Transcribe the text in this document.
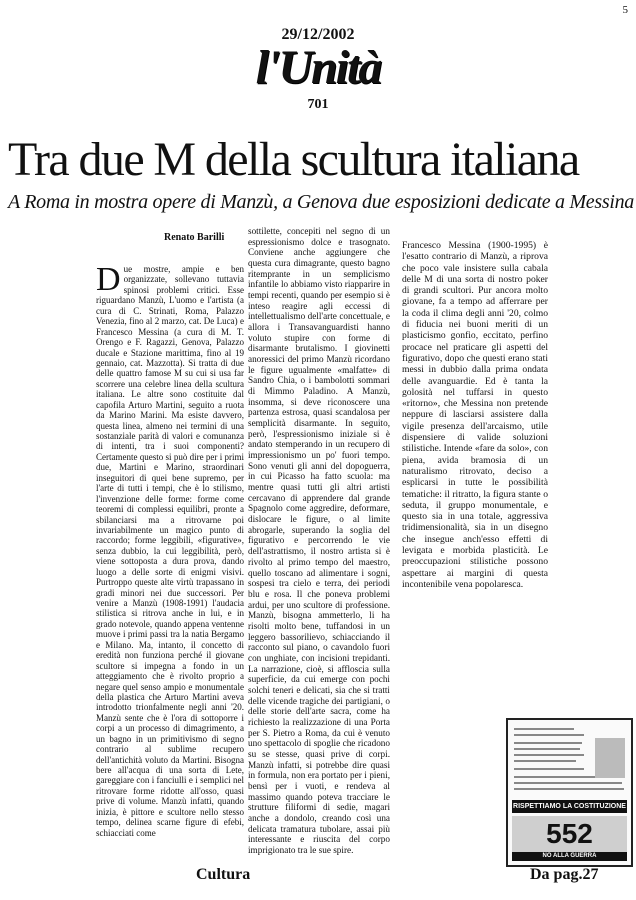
5
29/12/2002
l'Unità
701
Tra due M della scultura italiana
A Roma in mostra opere di Manzù, a Genova due esposizioni dedicate a Messina
Renato Barilli
D ue mostre, ampie e ben organizzate, sollevano tuttavia spinosi problemi critici. Esse riguardano Manzù, L'uomo e l'artista (a cura di C. Strinati, Roma, Palazzo Venezia, fino al 2 marzo, cat. De Luca) e Francesco Messina (a cura di M. T. Orengo e F. Ragazzi, Genova, Palazzo ducale e Stazione marittima, fino al 19 gennaio, cat. Mazzotta). Si tratta di due delle quattro famose M su cui si usa far scorrere una celebre linea della scultura italiana. Le altre sono costituite dal capofila Arturo Martini, seguito a ruota da Marino Marini. Ma esiste davvero, questa linea, almeno nei termini di una sostanziale parità di valori e comunanza di intenti, tra i suoi componenti? Certamente questo si può dire per i primi due, Martini e Marino, straordinari inseguitori di quei bene supremo, per l'arte di tutti i tempi, che è lo stilismo, l'invenzione delle forme: forme come teoremi di complessi equilibri, pronte a sbilanciarsi ma a ritrovarne poi invariabilmente un magico punto di raccordo; forme leggibili, «figurative», senza dubbio, la cui leggibilità, però, viene sottoposta a dura prova, dando luogo a delle sorte di enigmi visivi. Purtroppo queste alte virtù trapassano in gradi minori nei due successori. Per venire a Manzù (1908-1991) l'audacia stilistica si ritrova anche in lui, e in grado notevole, quando appena ventenne muove i primi passi tra la natia Bergamo e Milano. Ma, intanto, il concetto di eredità non funziona perché il giovane scultore si impegna a fondo in un atteggiamento che è rivolto proprio a negare quel senso ampio e monumentale della plastica che Arturo Martini aveva introdotto trionfalmente negli anni '20. Manzù sente che è l'ora di sottoporre i corpi a un processo di dimagrimento, a un bagno in un primitivismo di segno contrario al sublime recupero dell'antichità voluto da Martini. Bisogna bere all'acqua di una sorta di Lete, gareggiare con i fanciulli e i semplici nel ritrovare forme ridotte all'osso, quasi prive di volume. Manzù infatti, quando inizia, è pittore e scultore nello stesso tempo, delinea scarne figure di efebi, schiacciati come

sottilette, concepiti nel segno di un espressionismo dolce e trasognato. Conviene anche aggiungere che questa cura dimagrante, questo bagno ritemprante in un semplicismo infantile lo abbiamo visto riapparire in tempi recenti, quando per esempio si è inteso reagire agli eccessi di intellettualismo dell'arte concettuale, e allora i Transavanguardisti hanno voluto stupire con forme di disarmante brutalismo. I giovinetti anoressici del primo Manzù ricordano le figure ugualmente «malfatte» di Sandro Chia, o i bambolotti sommari di Mimmo Paladino. A Manzù, insomma, si deve riconoscere una partenza estrosa, quasi scandalosa per semplicità disarmante. In seguito, però, l'espressionismo iniziale si è andato stemperando in un recupero di impressionismo un po' fuori tempo. Sono venuti gli anni del dopoguerra, in cui Picasso ha fatto scuola: ma mentre quasi tutti gli altri artisti cercavano di apprendere dal grande Spagnolo come aggredire, deformare, dislocare le figure, o al limite abrogarle, superando la soglia del figurativo e percorrendo le vie dell'astrattismo, il nostro artista si è rivolto al primo tempo del maestro, quello toscano ad alimentare i sogni, sospesi tra cielo e terra, dei periodi blu e rosa. Il che poneva problemi ardui, per uno scultore di professione. Manzù, bisogna ammetterlo, li ha risolti molto bene, tuffandosi in un leggero bassorilievo, schiacciando il racconto sul piano, o cavandolo fuori con unghiate, con incisioni trepidanti. La narrazione, cioè, si affloscia sulla superficie, da cui emerge con pochi solchi teneri e delicati, sia che si tratti delle vicende tragiche dei partigiani, o delle storie dell'arte sacra, come ha richiesto la realizzazione di una Porta per S. Pietro a Roma, da cui è venuto uno spettacolo di spoglie che ricadono su se stesse, quasi prive di corpi. Manzù infatti, si potrebbe dire quasi in formula, non era portato per i pieni, bensì per i vuoti, e rendeva al massimo quando poteva tracciare le strutture filiformi di sedie, magari anche a dondolo, creando così una delicata tramatura tubolare, assai più interessante e riuscita del corpo imprigionato tra le sue spire.

Francesco Messina (1900-1995) è l'esatto contrario di Manzù, a riprova che poco vale insistere sulla cabala delle M di una sorta di nostro poker di grandi scultori. Pur ancora molto giovane, fa a tempo ad afferrare per la coda il clima degli anni '20, colmo di fiducia nei buoni meriti di un plasticismo gonfio, eccitato, perfino procace nel praticare gli aspetti del figurativo, dopo che questi erano stati messi in dubbio dalla prima ondata delle avanguardie. Ed è tanta la golosità nel tuffarsi in questo «ritorno», che Messina non pretende neppure di lasciarsi assistere dalla vigile presenza dell'arcaismo, utile dispensiere di valide soluzioni stilistiche. Intende «fare da solo», con piena, avida bramosia di un naturalismo ritrovato, deciso a esplicarsi in tutte le possibilità tematiche: il ritratto, la figura stante o seduta, il gruppo monumentale, e questo sia in una totale, aggressiva tridimensionalità, sia in un disegno che insegue anch'esso effetti di levigata e morbida plasticità. Le preoccupazioni stilistiche possono aspettare ai margini di questa incontenibile vena popolaresca.

RISPETTIAMO LA COSTITUZIONE
552
NO ALLA GUERRA
Cultura	Da pag.27
